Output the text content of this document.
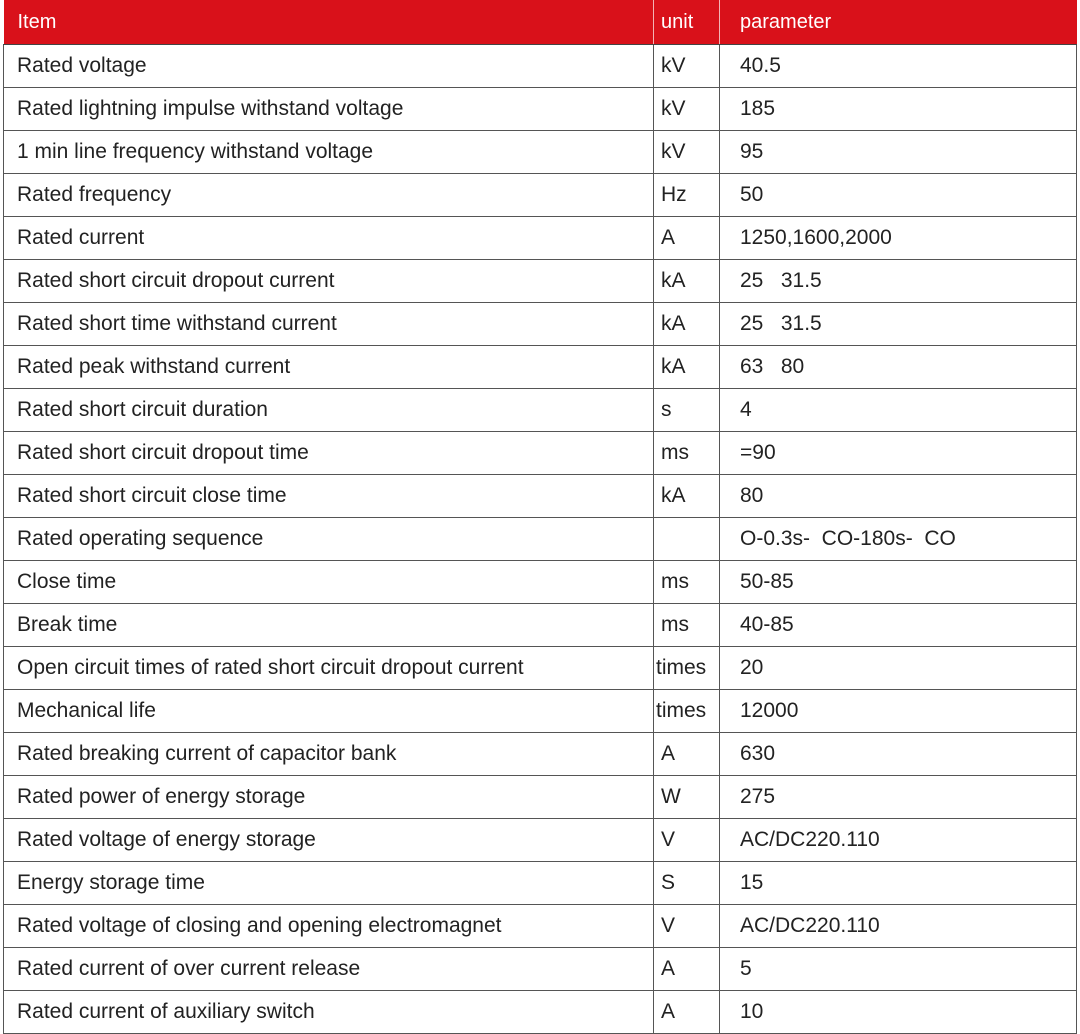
Item	unit	parameter
Rated voltage	kV	40.5
Rated lightning impulse withstand voltage	kV	185
1 min line frequency withstand voltage	kV	95
Rated frequency	Hz	50
Rated current	A	1250,1600,2000
Rated short circuit dropout current	kA	25   31.5
Rated short time withstand current	kA	25   31.5
Rated peak withstand current	kA	63   80
Rated short circuit duration	s	4
Rated short circuit dropout time	ms	=90
Rated short circuit close time	kA	80
Rated operating sequence		O-0.3s-  CO-180s-  CO
Close time	ms	50-85
Break time	ms	40-85
Open circuit times of rated short circuit dropout current	times	20
Mechanical life	times	12000
Rated breaking current of capacitor bank	A	630
Rated power of energy storage	W	275
Rated voltage of energy storage	V	AC/DC220.110
Energy storage time	S	15
Rated voltage of closing and opening electromagnet	V	AC/DC220.110
Rated current of over current release	A	5
Rated current of auxiliary switch	A	10
